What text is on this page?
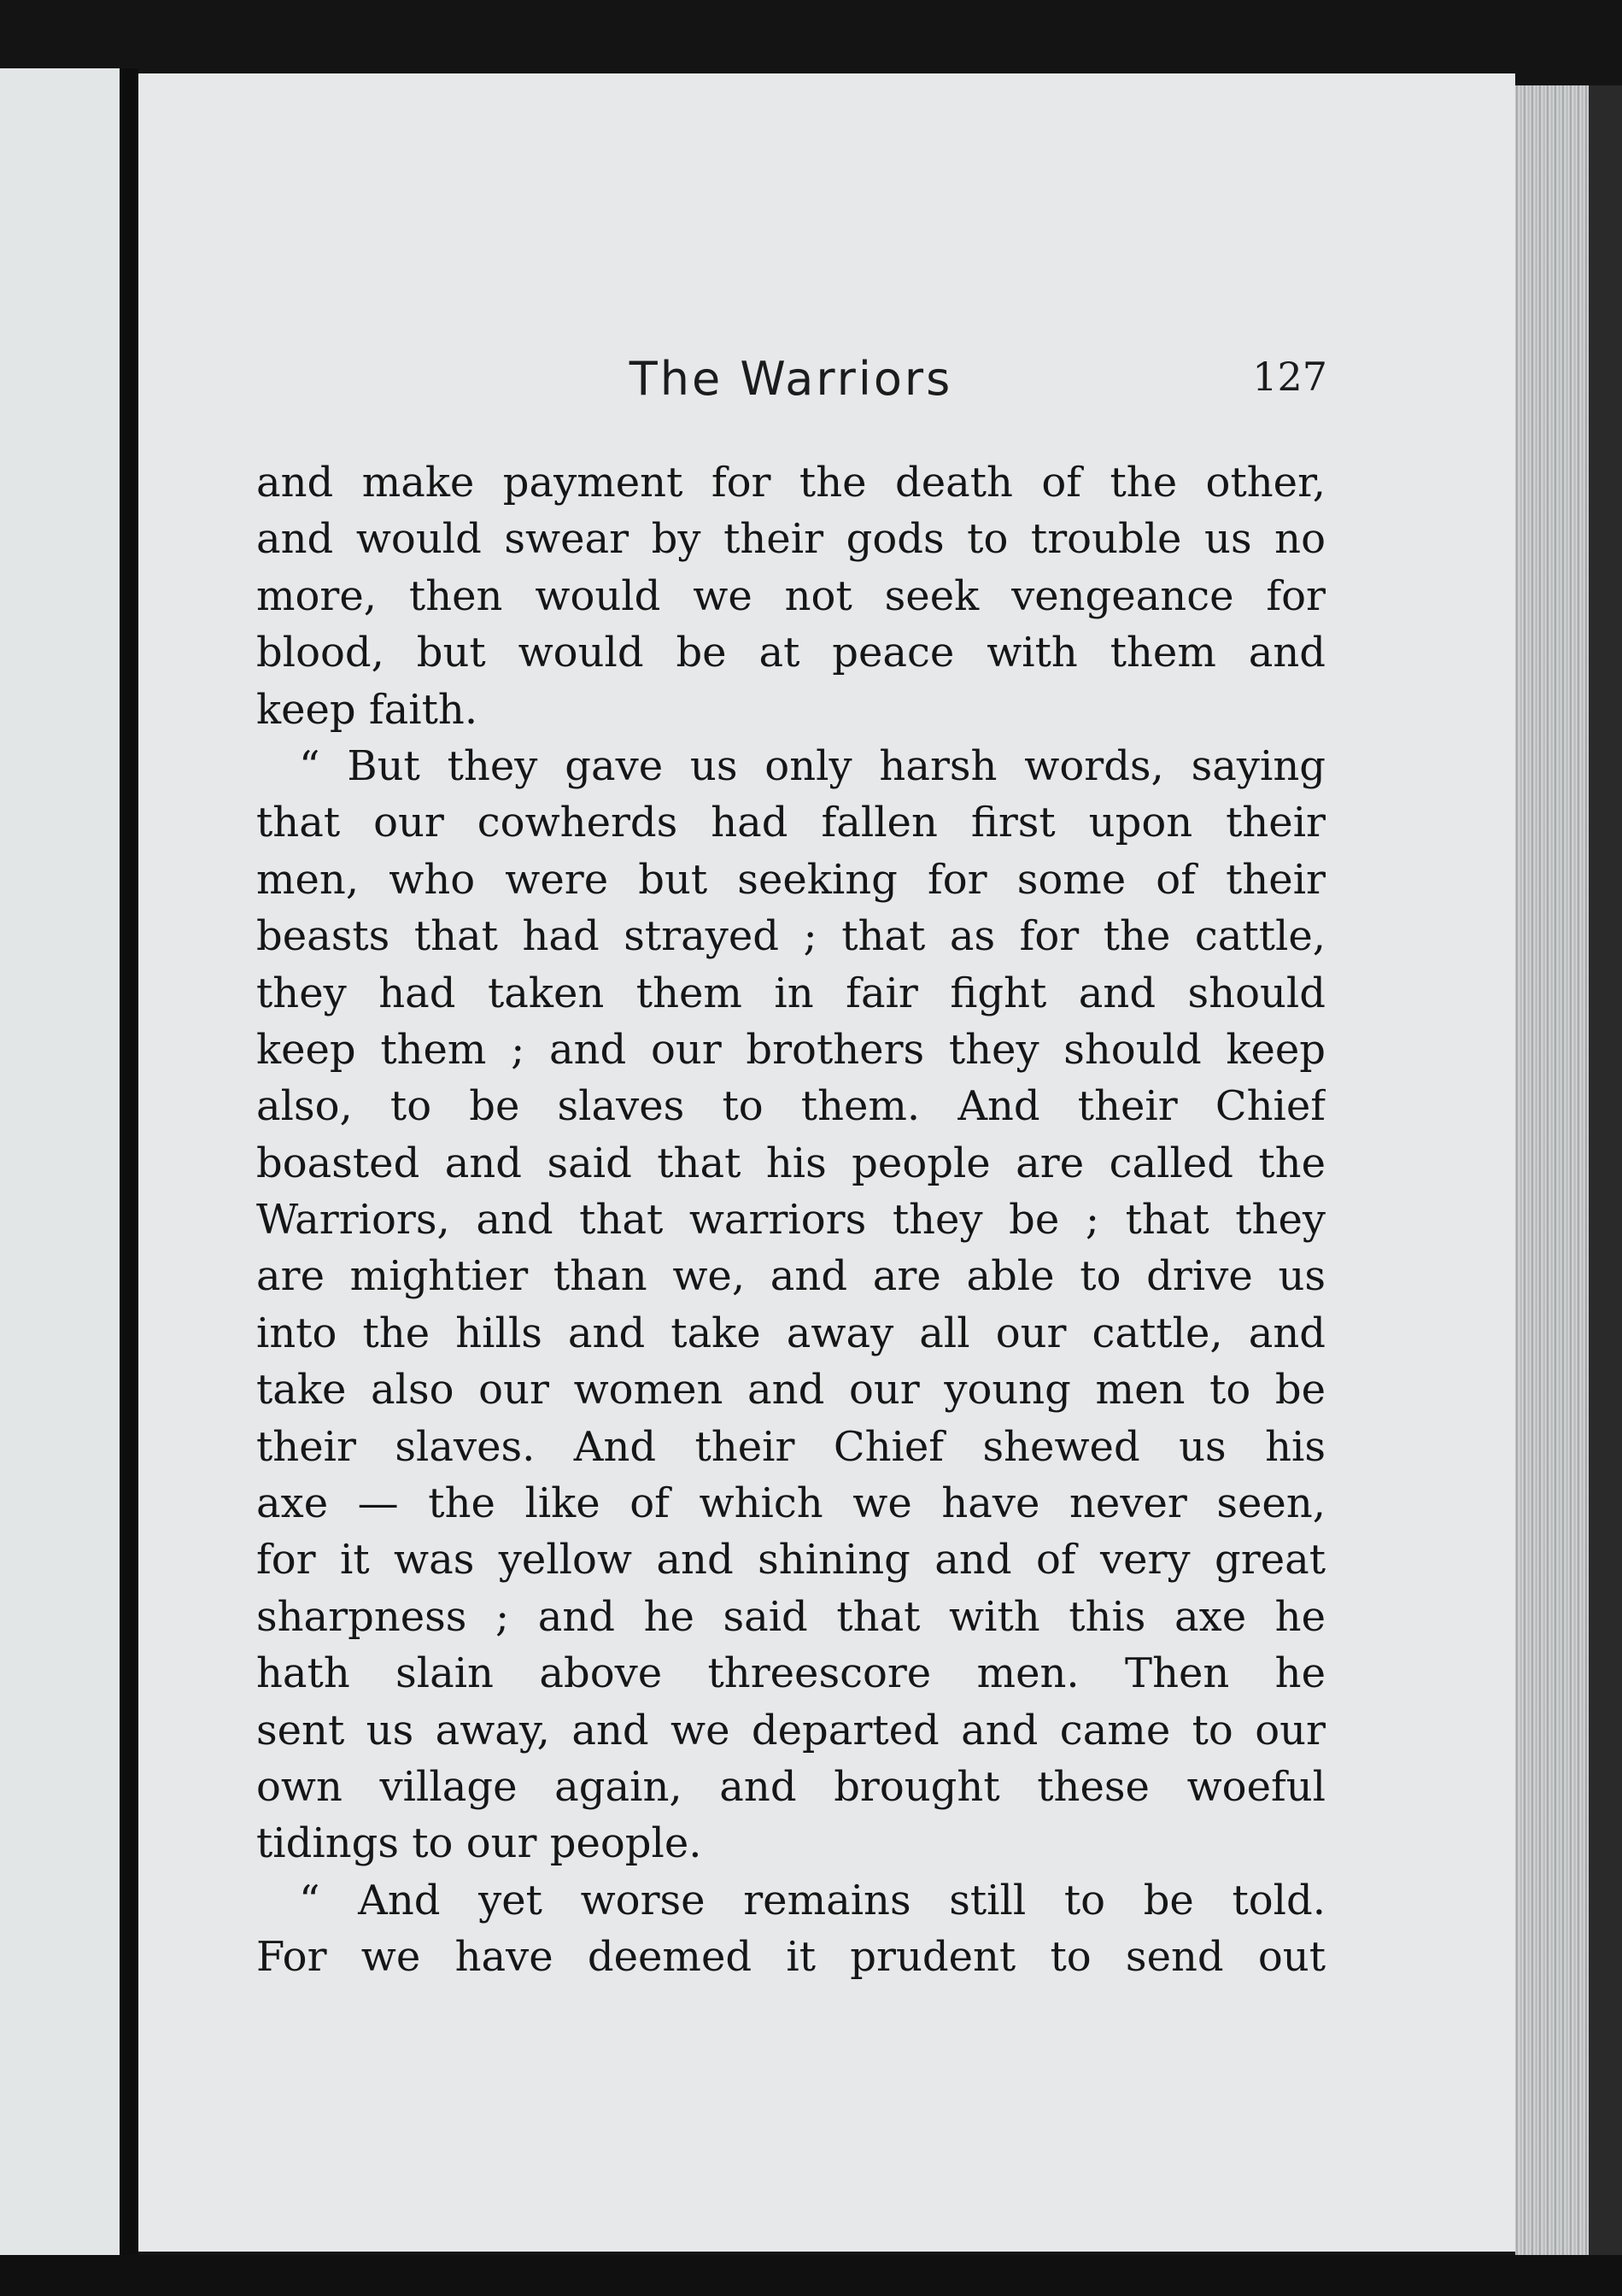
The Warriors	127
and make payment for the death of the other,
and would swear by their gods to trouble us no
more, then would we not seek vengeance for
blood, but would be at peace with them and
keep faith.
“ But they gave us only harsh words, saying
that our cowherds had fallen first upon their
men, who were but seeking for some of their
beasts that had strayed ; that as for the cattle,
they had taken them in fair fight and should
keep them ; and our brothers they should keep
also, to be slaves to them. And their Chief
boasted and said that his people are called the
Warriors, and that warriors they be ; that they
are mightier than we, and are able to drive us
into the hills and take away all our cattle, and
take also our women and our young men to be
their slaves. And their Chief shewed us his
axe — the like of which we have never seen,
for it was yellow and shining and of very great
sharpness ; and he said that with this axe he
hath slain above threescore men. Then he
sent us away, and we departed and came to our
own village again, and brought these woeful
tidings to our people.
“ And yet worse remains still to be told.
For we have deemed it prudent to send out
